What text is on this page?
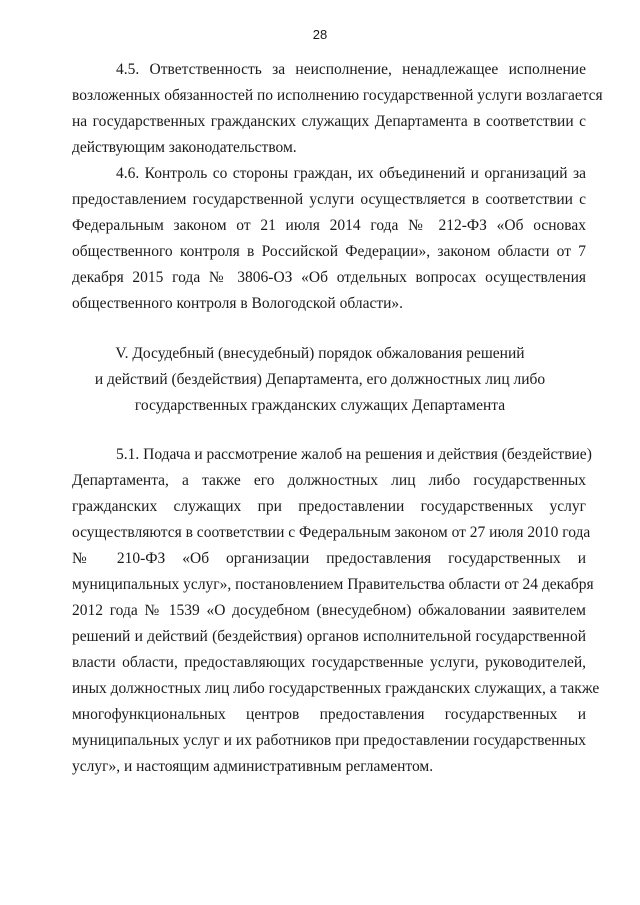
28
4.5. Ответственность за неисполнение, ненадлежащее исполнение
возложенных обязанностей по исполнению государственной услуги возлагается
на государственных гражданских служащих Департамента в соответствии с
действующим законодательством.
4.6. Контроль со стороны граждан, их объединений и организаций за
предоставлением государственной услуги осуществляется в соответствии с
Федеральным законом от 21 июля 2014 года № 212-ФЗ «Об основах
общественного контроля в Российской Федерации», законом области от 7
декабря 2015 года № 3806-ОЗ «Об отдельных вопросах осуществления
общественного контроля в Вологодской области».
V. Досудебный (внесудебный) порядок обжалования решений
и действий (бездействия) Департамента, его должностных лиц либо
государственных гражданских служащих Департамента
5.1. Подача и рассмотрение жалоб на решения и действия (бездействие)
Департамента, а также его должностных лиц либо государственных
гражданских служащих при предоставлении государственных услуг
осуществляются в соответствии с Федеральным законом от 27 июля 2010 года
№ 210-ФЗ «Об организации предоставления государственных и
муниципальных услуг», постановлением Правительства области от 24 декабря
2012 года № 1539 «О досудебном (внесудебном) обжаловании заявителем
решений и действий (бездействия) органов исполнительной государственной
власти области, предоставляющих государственные услуги, руководителей,
иных должностных лиц либо государственных гражданских служащих, а также
многофункциональных центров предоставления государственных и
муниципальных услуг и их работников при предоставлении государственных
услуг», и настоящим административным регламентом.
